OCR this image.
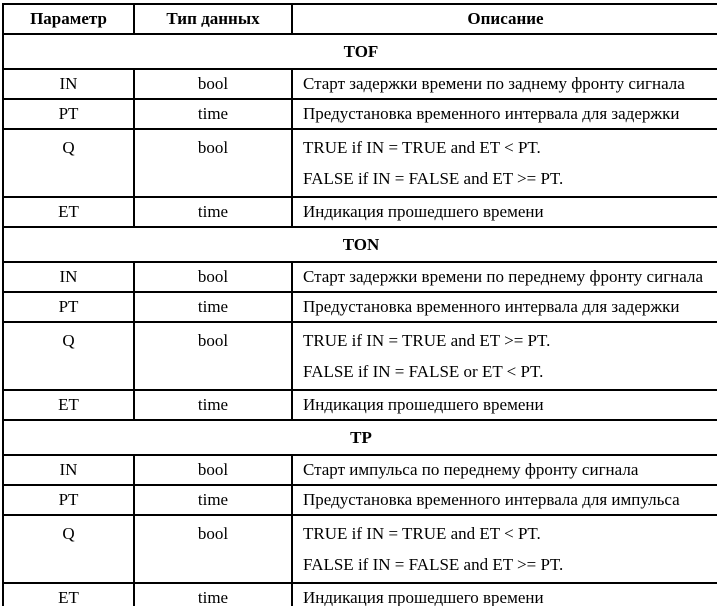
Параметр	Тип данных	Описание
TOF		
IN	bool	Старт задержки времени по заднему фронту сигнала

PT	time	Предустановка временного интервала для задержки

Q	bool	TRUE if IN = TRUE and ET < PT.
FALSE if IN = FALSE and ET >= PT.

ET	time	Индикация прошедшего времени

TON		
IN	bool	Старт задержки времени по переднему фронту сигнала

PT	time	Предустановка временного интервала для задержки

Q	bool	TRUE if IN = TRUE and ET >= PT.
FALSE if IN = FALSE or ET < PT.

ET	time	Индикация прошедшего времени

TP		
IN	bool	Старт импульса по переднему фронту сигнала

PT	time	Предустановка временного интервала для импульса

Q	bool	TRUE if IN = TRUE and ET < PT.
FALSE if IN = FALSE and ET >= PT.

ET	time	Индикация прошедшего времени
